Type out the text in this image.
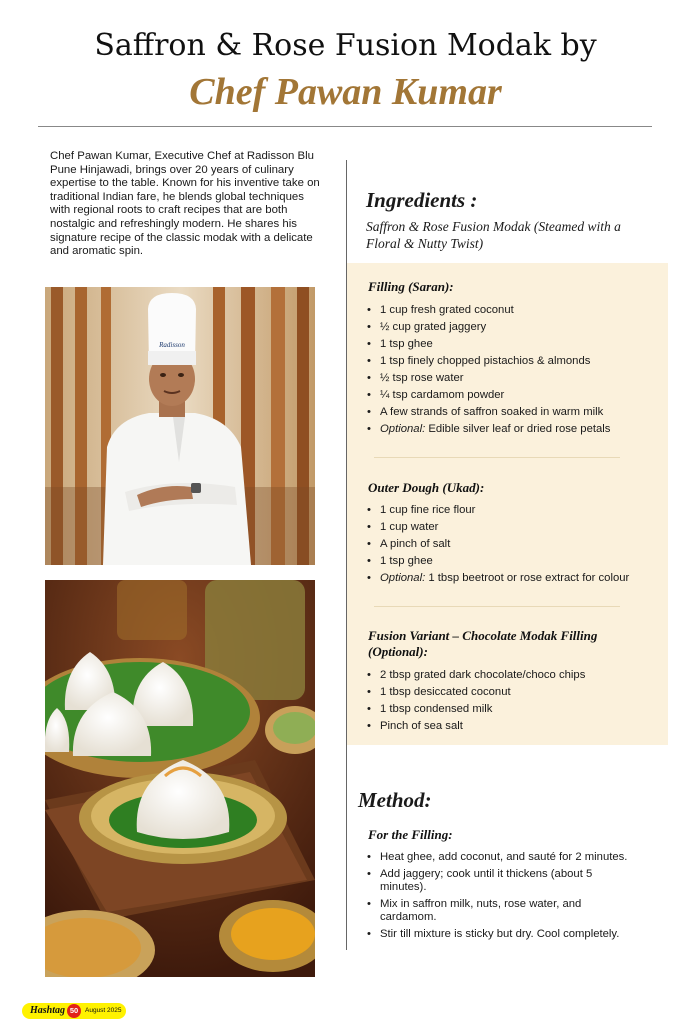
Saffron & Rose Fusion Modak by
Chef Pawan Kumar
Chef Pawan Kumar, Executive Chef at Radisson Blu Pune Hinjawadi, brings over 20 years of culinary expertise to the table. Known for his inventive take on traditional Indian fare, he blends global techniques with regional roots to craft recipes that are both nostalgic and refreshingly modern. He shares his signature recipe of the classic modak with a delicate and aromatic spin.
Radisson
Ingredients :
Saffron & Rose Fusion Modak (Steamed with a Floral & Nutty Twist)
Filling (Saran):
• 1 cup fresh grated coconut
• ½ cup grated jaggery
• 1 tsp ghee
• 1 tsp finely chopped pistachios & almonds
• ½ tsp rose water
• ¼ tsp cardamom powder
• A few strands of saffron soaked in warm milk
• Optional: Edible silver leaf or dried rose petals
Outer Dough (Ukad):
• 1 cup fine rice flour
• 1 cup water
• A pinch of salt
• 1 tsp ghee
• Optional: 1 tbsp beetroot or rose extract for colour
Fusion Variant – Chocolate Modak Filling (Optional):
• 2 tbsp grated dark chocolate/choco chips
• 1 tbsp desiccated coconut
• 1 tbsp condensed milk
• Pinch of sea salt
Method:
For the Filling:
• Heat ghee, add coconut, and sauté for 2 minutes.
• Add jaggery; cook until it thickens (about 5 minutes).
• Mix in saffron milk, nuts, rose water, and cardamom.
• Stir till mixture is sticky but dry. Cool completely.
Hashtag 50	August 2025
